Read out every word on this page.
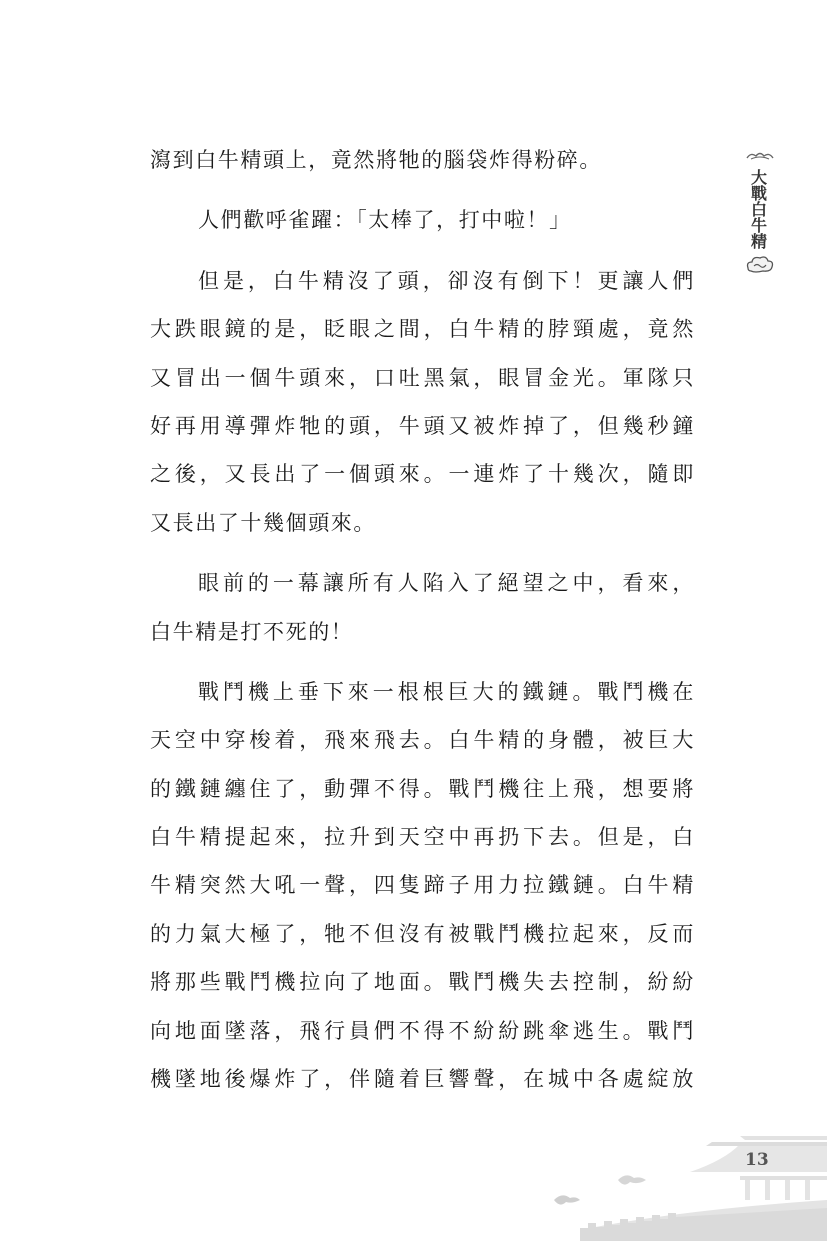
瀉到白牛精頭上，竟然將牠的腦袋炸得粉碎。
人們歡呼雀躍：「太棒了，打中啦！」
但是，白牛精沒了頭，卻沒有倒下！更讓人們
大跌眼鏡的是，眨眼之間，白牛精的脖頸處，竟然
又冒出一個牛頭來，口吐黑氣，眼冒金光。軍隊只
好再用導彈炸牠的頭，牛頭又被炸掉了，但幾秒鐘
之後，又長出了一個頭來。一連炸了十幾次，隨即
又長出了十幾個頭來。
眼前的一幕讓所有人陷入了絕望之中，看來，
白牛精是打不死的！
戰鬥機上垂下來一根根巨大的鐵鏈。戰鬥機在
天空中穿梭着，飛來飛去。白牛精的身體，被巨大
的鐵鏈纏住了，動彈不得。戰鬥機往上飛，想要將
白牛精提起來，拉升到天空中再扔下去。但是，白
牛精突然大吼一聲，四隻蹄子用力拉鐵鏈。白牛精
的力氣大極了，牠不但沒有被戰鬥機拉起來，反而
將那些戰鬥機拉向了地面。戰鬥機失去控制，紛紛
向地面墜落，飛行員們不得不紛紛跳傘逃生。戰鬥
機墜地後爆炸了，伴隨着巨響聲，在城中各處綻放
大戰白牛精
13
